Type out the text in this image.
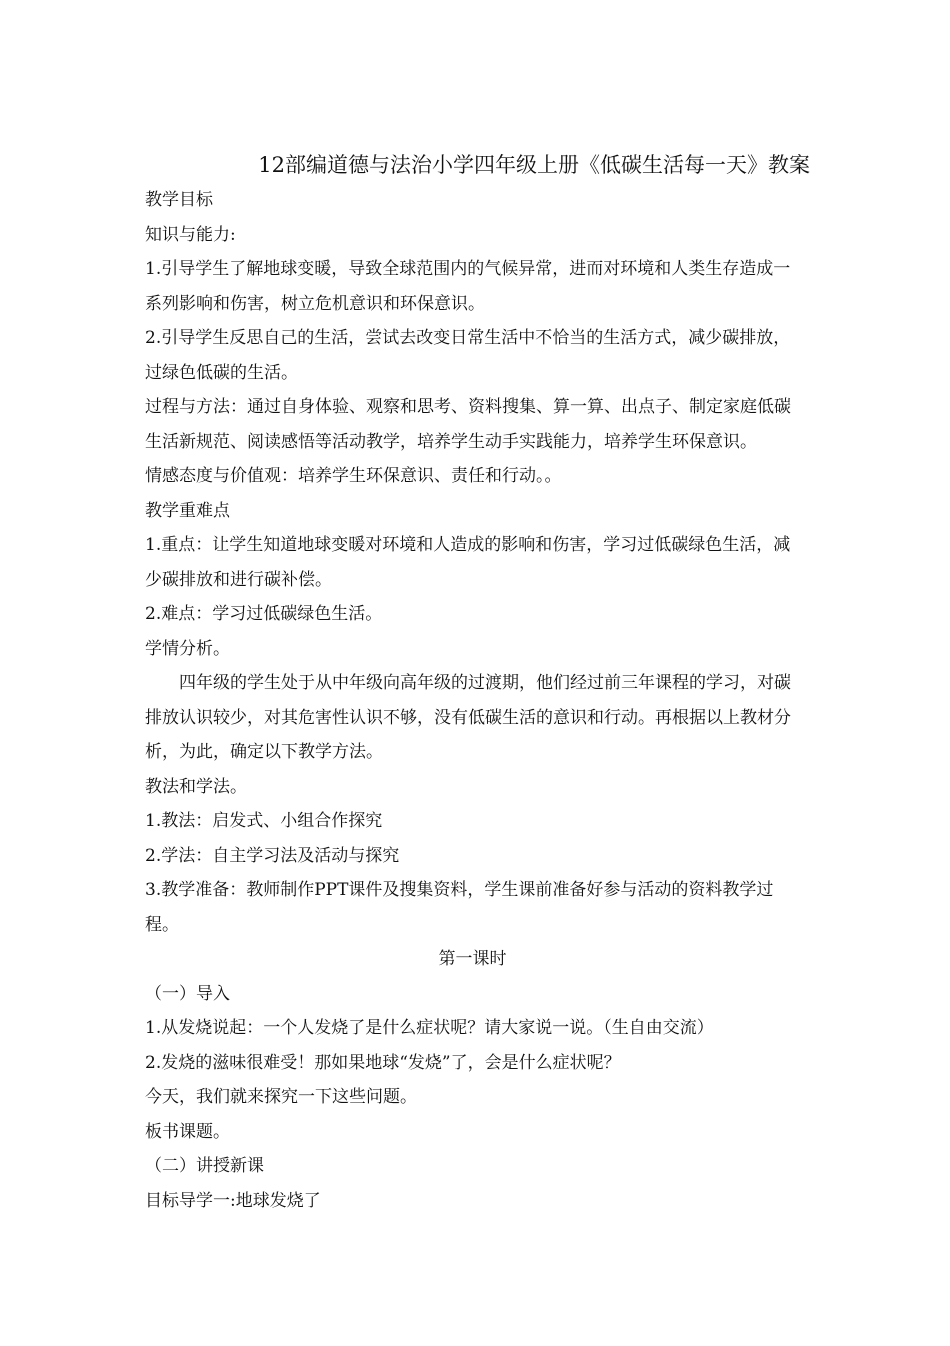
12部编道德与法治小学四年级上册《低碳生活每一天》教案
教学目标
知识与能力:
1.引导学生了解地球变暖，导致全球范围内的气候异常，进而对环境和人类生存造成一系列影响和伤害，树立危机意识和环保意识。
2.引导学生反思自己的生活，尝试去改变日常生活中不恰当的生活方式，减少碳排放，过绿色低碳的生活。
过程与方法：通过自身体验、观察和思考、资料搜集、算一算、出点子、制定家庭低碳生活新规范、阅读感悟等活动教学，培养学生动手实践能力，培养学生环保意识。
情感态度与价值观：培养学生环保意识、责任和行动。。
教学重难点
1.重点：让学生知道地球变暖对环境和人造成的影响和伤害，学习过低碳绿色生活，减少碳排放和进行碳补偿。
2.难点：学习过低碳绿色生活。
学情分析。
四年级的学生处于从中年级向高年级的过渡期，他们经过前三年课程的学习，对碳排放认识较少，对其危害性认识不够，没有低碳生活的意识和行动。再根据以上教材分析，为此，确定以下教学方法。
教法和学法。
1.教法：启发式、小组合作探究
2.学法：自主学习法及活动与探究
3.教学准备：教师制作PPT课件及搜集资料，学生课前准备好参与活动的资料教学过程。
第一课时
（一）导入
1.从发烧说起：一个人发烧了是什么症状呢？请大家说一说。（生自由交流）
2.发烧的滋味很难受！那如果地球“发烧”了，会是什么症状呢？
今天，我们就来探究一下这些问题。
板书课题。
（二）讲授新课
目标导学一:地球发烧了
